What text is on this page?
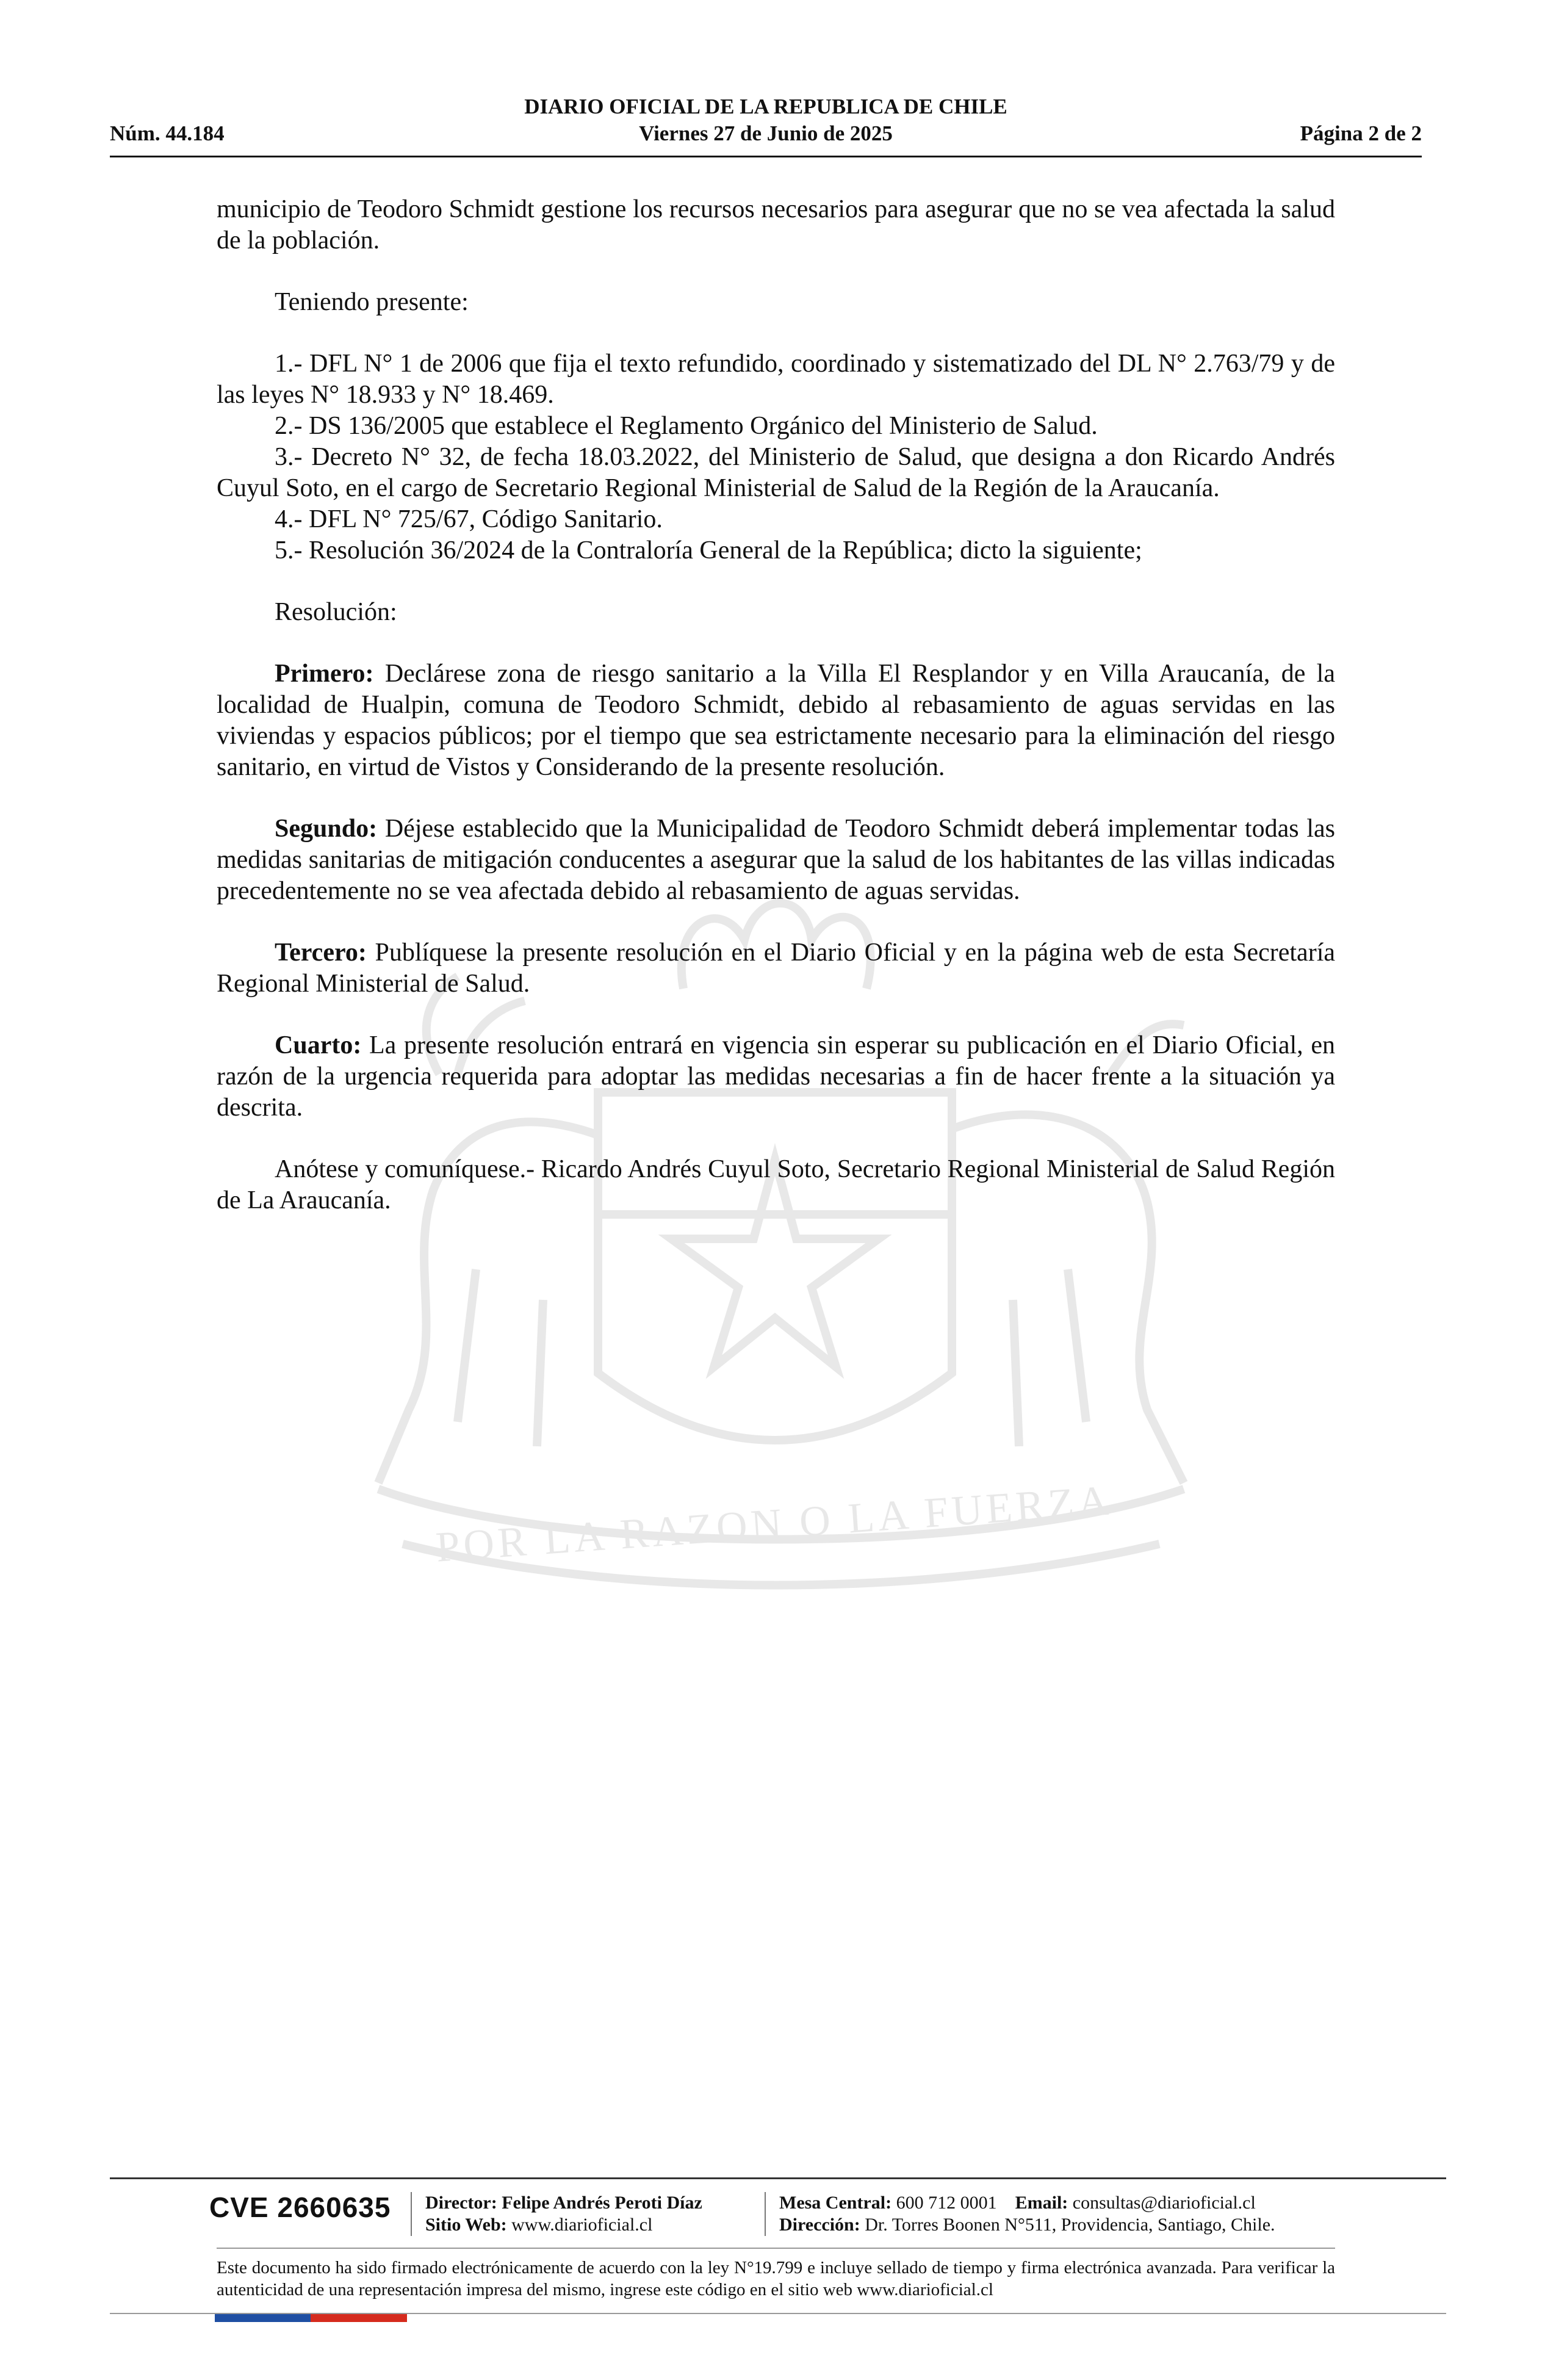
Núm. 44.184
DIARIO OFICIAL DE LA REPUBLICA DE CHILE
Viernes 27 de Junio de 2025	Página 2 de 2
POR LA RAZON O LA FUERZA

municipio de Teodoro Schmidt gestione los recursos necesarios para asegurar que no se vea afectada la salud de la población.

Teniendo presente:

1.- DFL N° 1 de 2006 que fija el texto refundido, coordinado y sistematizado del DL N° 2.763/79 y de las leyes N° 18.933 y N° 18.469.

2.- DS 136/2005 que establece el Reglamento Orgánico del Ministerio de Salud.

3.- Decreto N° 32, de fecha 18.03.2022, del Ministerio de Salud, que designa a don Ricardo Andrés Cuyul Soto, en el cargo de Secretario Regional Ministerial de Salud de la Región de la Araucanía.

4.- DFL N° 725/67, Código Sanitario.

5.- Resolución 36/2024 de la Contraloría General de la República; dicto la siguiente;

Resolución:

Primero: Declárese zona de riesgo sanitario a la Villa El Resplandor y en Villa Araucanía, de la localidad de Hualpin, comuna de Teodoro Schmidt, debido al rebasamiento de aguas servidas en las viviendas y espacios públicos; por el tiempo que sea estrictamente necesario para la eliminación del riesgo sanitario, en virtud de Vistos y Considerando de la presente resolución.

Segundo: Déjese establecido que la Municipalidad de Teodoro Schmidt deberá implementar todas las medidas sanitarias de mitigación conducentes a asegurar que la salud de los habitantes de las villas indicadas precedentemente no se vea afectada debido al rebasamiento de aguas servidas.

Tercero: Publíquese la presente resolución en el Diario Oficial y en la página web de esta Secretaría Regional Ministerial de Salud.

Cuarto: La presente resolución entrará en vigencia sin esperar su publicación en el Diario Oficial, en razón de la urgencia requerida para adoptar las medidas necesarias a fin de hacer frente a la situación ya descrita.

Anótese y comuníquese.- Ricardo Andrés Cuyul Soto, Secretario Regional Ministerial de Salud Región de La Araucanía.

CVE 2660635 Director: Felipe Andrés Peroti Díaz
Sitio Web: www.diarioficial.cl
Mesa Central: 600 712 0001 Email: consultas@diarioficial.cl
Dirección: Dr. Torres Boonen N°511, Providencia, Santiago, Chile.
Este documento ha sido firmado electrónicamente de acuerdo con la ley N°19.799 e incluye sellado de tiempo y firma electrónica avanzada. Para verificar la autenticidad de una representación impresa del mismo, ingrese este código en el sitio web www.diarioficial.cl
